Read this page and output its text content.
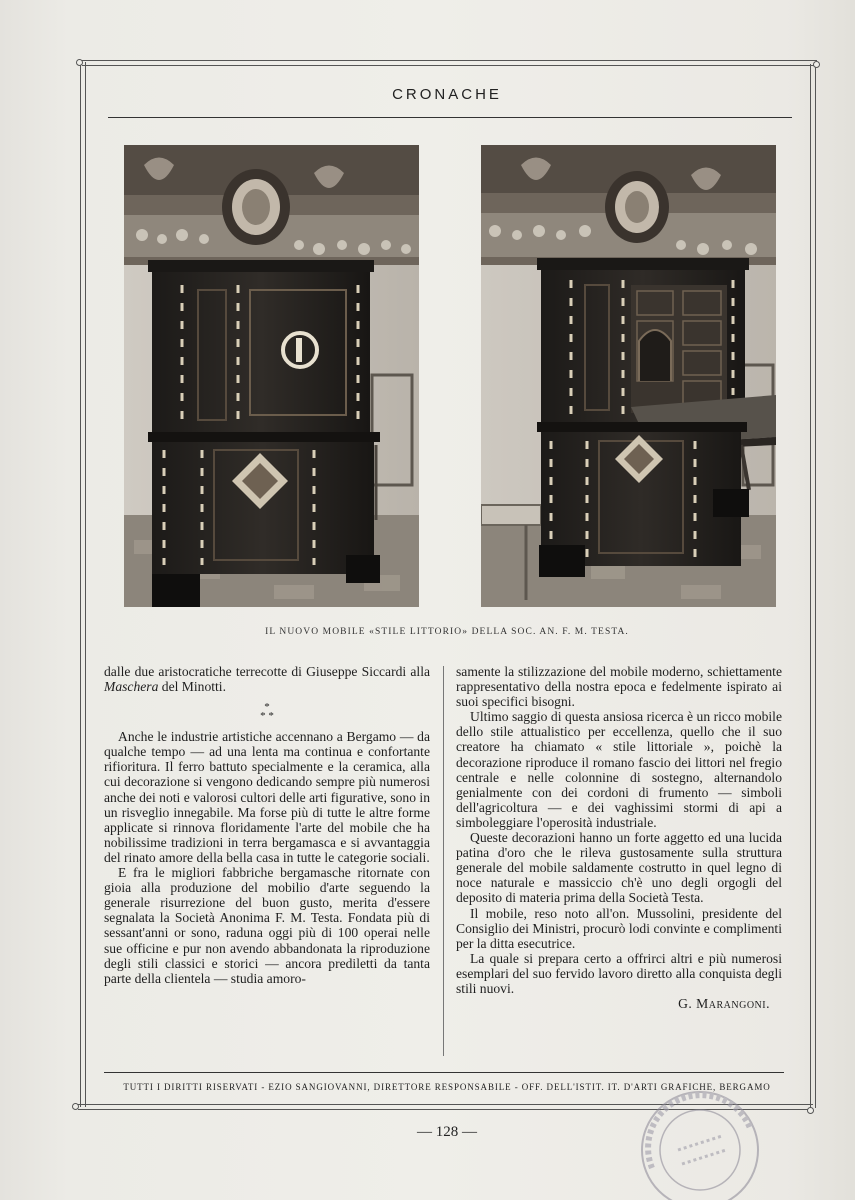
CRONACHE
IL NUOVO MOBILE «STILE LITTORIO» DELLA SOC. AN. F. M. TESTA.

dalle due aristocratiche terrecotte di Giuseppe Siccardi alla Maschera del Minotti.

*
* *

Anche le industrie artistiche accennano a Bergamo — da qualche tempo — ad una lenta ma continua e confortante rifioritura. Il ferro battuto specialmente e la ceramica, alla cui decorazione si vengono dedicando sempre più numerosi anche dei noti e valorosi cultori delle arti figurative, sono in un risveglio innegabile. Ma forse più di tutte le altre forme applicate si rinnova floridamente l'arte del mobile che ha nobilissime tradizioni in terra bergamasca e si avvantaggia del rinato amore della bella casa in tutte le categorie sociali.

E fra le migliori fabbriche bergamasche ritornate con gioia alla produzione del mobilio d'arte seguendo la generale risurrezione del buon gusto, merita d'essere segnalata la Società Anonima F. M. Testa. Fondata più di sessant'anni or sono, raduna oggi più di 100 operai nelle sue officine e pur non avendo abbandonata la riproduzione degli stili classici e storici — ancora prediletti da tanta parte della clientela — studia amoro-

samente la stilizzazione del mobile moderno, schiettamente rappresentativo della nostra epoca e fedelmente ispirato ai suoi specifici bisogni.

Ultimo saggio di questa ansiosa ricerca è un ricco mobile dello stile attualistico per eccellenza, quello che il suo creatore ha chiamato « stile littoriale », poichè la decorazione riproduce il romano fascio dei littori nel fregio centrale e nelle colonnine di sostegno, alternandolo genialmente con dei cordoni di frumento — simboli dell'agricoltura — e dei vaghissimi stormi di api a simboleggiare l'operosità industriale.

Queste decorazioni hanno un forte aggetto ed una lucida patina d'oro che le rileva gustosamente sulla struttura generale del mobile saldamente costrutto in quel legno di noce naturale e massiccio ch'è uno degli orgogli del deposito di materia prima della Società Testa.

Il mobile, reso noto all'on. Mussolini, presidente del Consiglio dei Ministri, procurò lodi convinte e complimenti per la ditta esecutrice.

La quale si prepara certo a offrirci altri e più numerosi esemplari del suo fervido lavoro diretto alla conquista degli stili nuovi.

G. Marangoni.

TUTTI I DIRITTI RISERVATI - EZIO SANGIOVANNI, DIRETTORE RESPONSABILE - OFF. DELL'ISTIT. IT. D'ARTI GRAFICHE, BERGAMO
— 128 —
